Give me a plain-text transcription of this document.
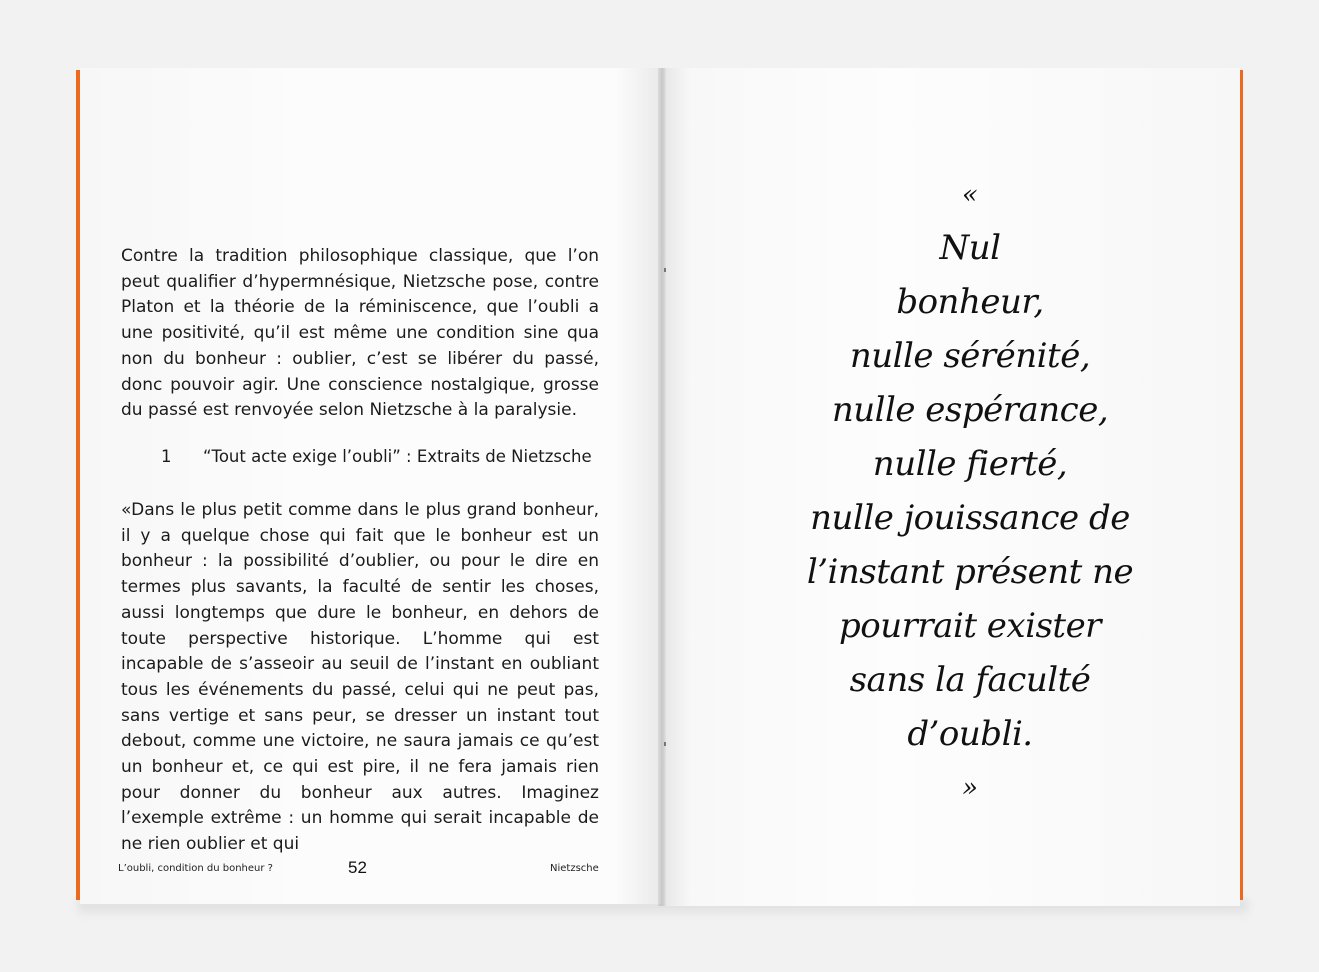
Contre la tradition philosophique classique, que l’on peut qualifier d’hypermnésique, Nietzsche pose, contre Platon et la théorie de la réminiscence, que l’oubli a une positivité, qu’il est même une condition sine qua non du bonheur : oublier, c’est se libérer du passé, donc pouvoir agir. Une conscience nostalgique, grosse du passé est renvoyée selon Nietzsche à la paralysie.

1 “Tout acte exige l’oubli” : Extraits de Nietzsche

«Dans le plus petit comme dans le plus grand bonheur, il y a quelque chose qui fait que le bonheur est un bonheur : la possibilité d’oublier, ou pour le dire en termes plus savants, la faculté de sentir les choses, aussi longtemps que dure le bonheur, en dehors de toute perspective historique. L’homme qui est incapable de s’asseoir au seuil de l’instant en oubliant tous les événements du passé, celui qui ne peut pas, sans vertige et sans peur, se dresser un instant tout debout, comme une victoire, ne saura jamais ce qu’est un bonheur et, ce qui est pire, il ne fera jamais rien pour donner du bonheur aux autres. Imaginez l’exemple extrême : un homme qui serait incapable de ne rien oublier et qui

L’oubli, condition du bonheur ?	52	Nietzsche
«
Nul
bonheur,
nulle sérénité,
nulle espérance,
nulle fierté,
nulle jouissance de
l’instant présent ne
pourrait exister
sans la faculté
d’oubli.
»
